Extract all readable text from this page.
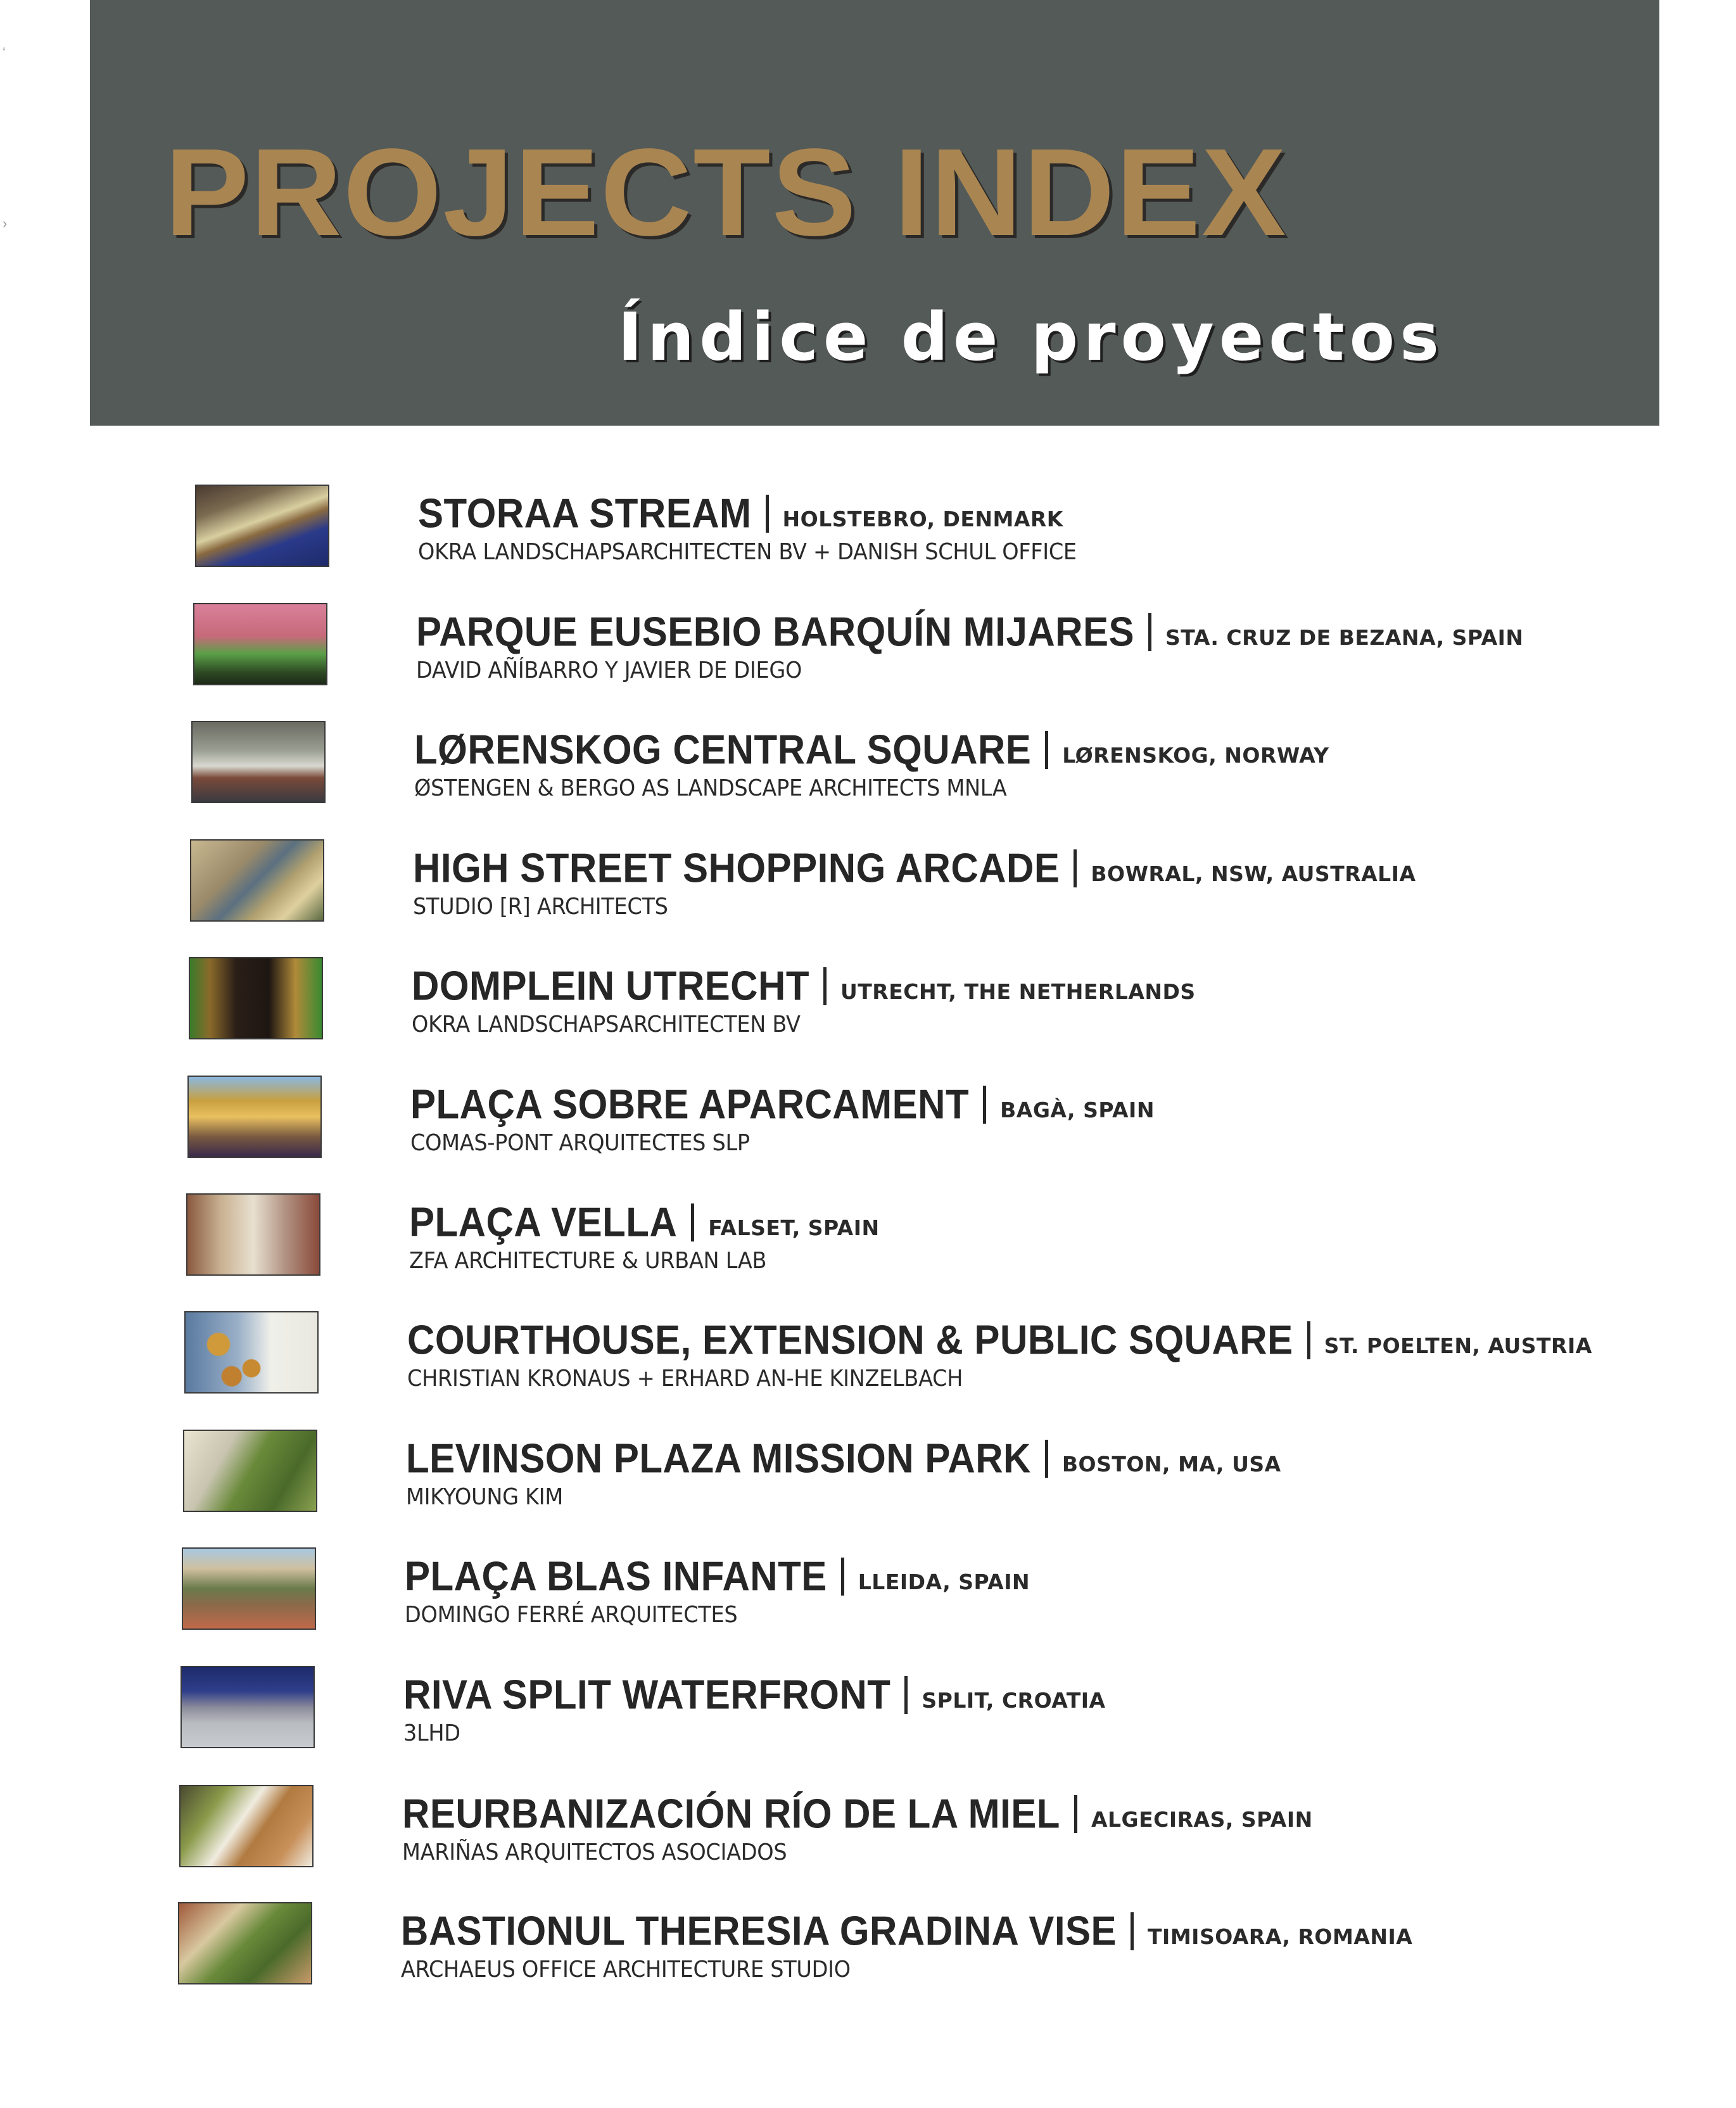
‘
› PROJECTS INDEX
Índice de proyectos
STORAA STREAM HOLSTEBRO, DENMARK
OKRA LANDSCHAPSARCHITECTEN BV + DANISH SCHUL OFFICE
PARQUE EUSEBIO BARQUÍN MIJARES STA. CRUZ DE BEZANA, SPAIN
DAVID AÑÍBARRO Y JAVIER DE DIEGO
LØRENSKOG CENTRAL SQUARE LØRENSKOG, NORWAY
ØSTENGEN & BERGO AS LANDSCAPE ARCHITECTS MNLA
HIGH STREET SHOPPING ARCADE BOWRAL, NSW, AUSTRALIA
STUDIO [R] ARCHITECTS
DOMPLEIN UTRECHT UTRECHT, THE NETHERLANDS
OKRA LANDSCHAPSARCHITECTEN BV
PLAÇA SOBRE APARCAMENT BAGÀ, SPAIN
COMAS-PONT ARQUITECTES SLP
PLAÇA VELLA FALSET, SPAIN
ZFA ARCHITECTURE & URBAN LAB
COURTHOUSE, EXTENSION & PUBLIC SQUARE ST. POELTEN, AUSTRIA
CHRISTIAN KRONAUS + ERHARD AN-HE KINZELBACH
LEVINSON PLAZA MISSION PARK BOSTON, MA, USA
MIKYOUNG KIM
PLAÇA BLAS INFANTE LLEIDA, SPAIN
DOMINGO FERRÉ ARQUITECTES
RIVA SPLIT WATERFRONT SPLIT, CROATIA
3LHD
REURBANIZACIÓN RÍO DE LA MIEL ALGECIRAS, SPAIN
MARIÑAS ARQUITECTOS ASOCIADOS
BASTIONUL THERESIA GRADINA VISE TIMISOARA, ROMANIA
ARCHAEUS OFFICE ARCHITECTURE STUDIO
